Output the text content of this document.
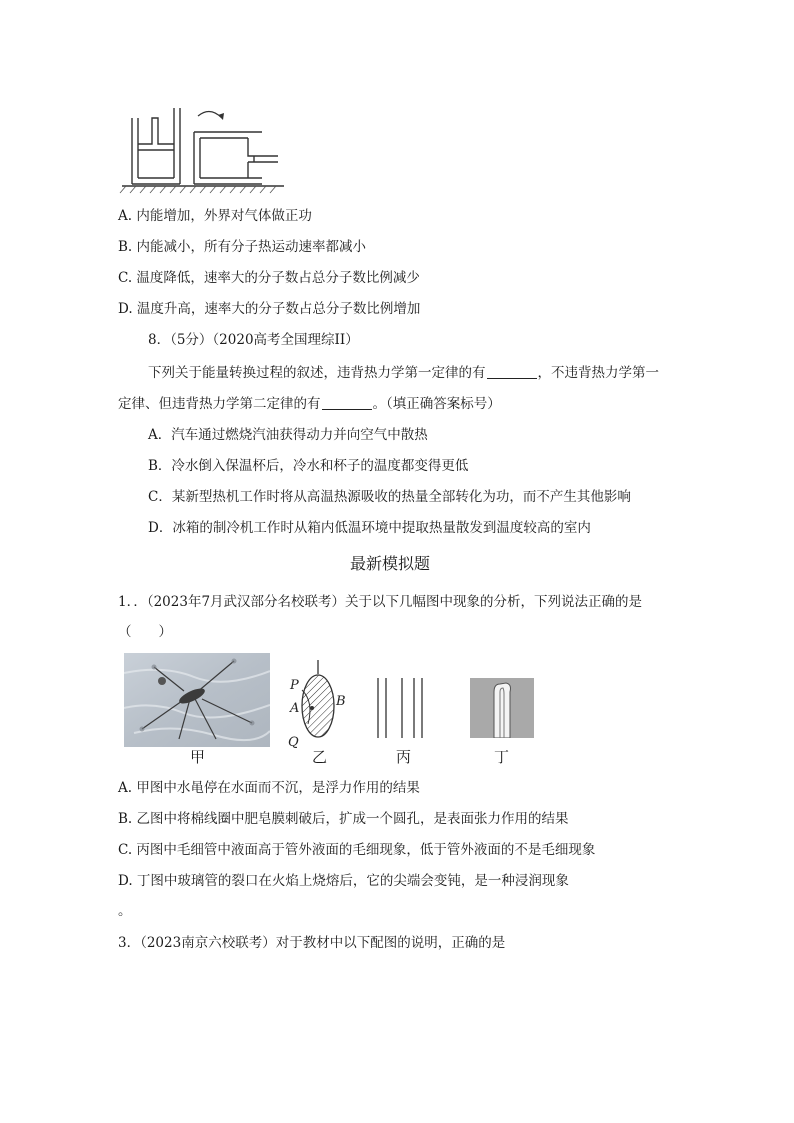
A. 内能增加，外界对气体做正功
B. 内能减小，所有分子热运动速率都减小
C. 温度降低，速率大的分子数占总分子数比例减少
D. 温度升高，速率大的分子数占总分子数比例增加
8．（5分）（2020高考全国理综II）
下列关于能量转换过程的叙述，违背热力学第一定律的有	，不违背热力学第一
定律、但违背热力学第二定律的有	。（填正确答案标号）
A．汽车通过燃烧汽油获得动力并向空气中散热
B．冷水倒入保温杯后，冷水和杯子的温度都变得更低
C．某新型热机工作时将从高温热源吸收的热量全部转化为功，而不产生其他影响
D．冰箱的制冷机工作时从箱内低温环境中提取热量散发到温度较高的室内
最新模拟题
1．．（2023年7月武汉部分名校联考）关于以下几幅图中现象的分析，下列说法正确的是
（　　）
甲
P
A	B
Q
乙	丙	丁
A. 甲图中水黾停在水面而不沉，是浮力作用的结果
B. 乙图中将棉线圈中肥皂膜刺破后，扩成一个圆孔，是表面张力作用的结果
C. 丙图中毛细管中液面高于管外液面的毛细现象，低于管外液面的不是毛细现象
D. 丁图中玻璃管的裂口在火焰上烧熔后，它的尖端会变钝，是一种浸润现象
。
3．（2023南京六校联考）对于教材中以下配图的说明，正确的是
